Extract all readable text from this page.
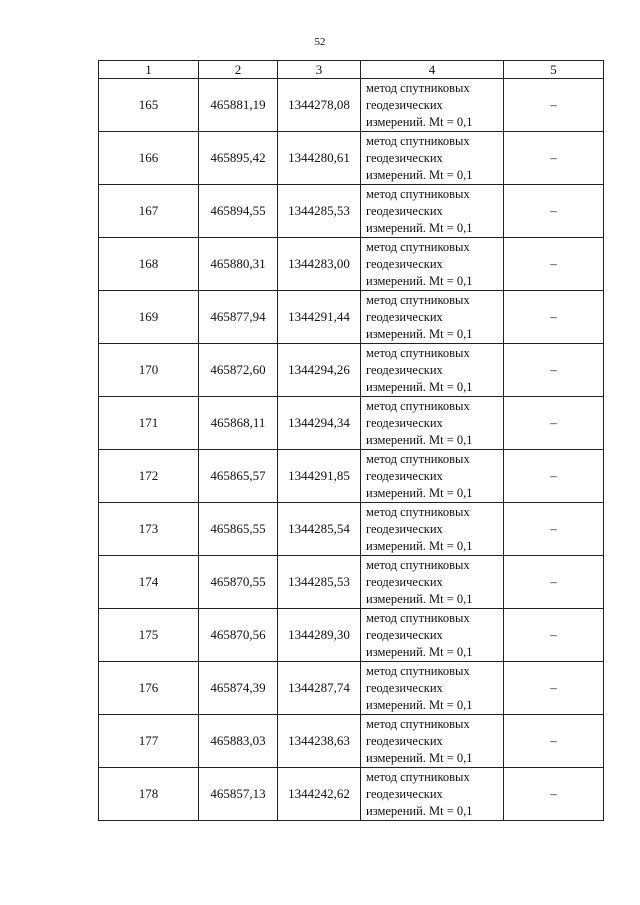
52
1	2	3	4	5
165	465881,19	1344278,08	метод спутниковых
геодезических
измерений. Mt = 0,1	–
166	465895,42	1344280,61	метод спутниковых
геодезических
измерений. Mt = 0,1	–
167	465894,55	1344285,53	метод спутниковых
геодезических
измерений. Mt = 0,1	–
168	465880,31	1344283,00	метод спутниковых
геодезических
измерений. Mt = 0,1	–
169	465877,94	1344291,44	метод спутниковых
геодезических
измерений. Mt = 0,1	–
170	465872,60	1344294,26	метод спутниковых
геодезических
измерений. Mt = 0,1	–
171	465868,11	1344294,34	метод спутниковых
геодезических
измерений. Mt = 0,1	–
172	465865,57	1344291,85	метод спутниковых
геодезических
измерений. Mt = 0,1	–
173	465865,55	1344285,54	метод спутниковых
геодезических
измерений. Mt = 0,1	–
174	465870,55	1344285,53	метод спутниковых
геодезических
измерений. Mt = 0,1	–
175	465870,56	1344289,30	метод спутниковых
геодезических
измерений. Mt = 0,1	–
176	465874,39	1344287,74	метод спутниковых
геодезических
измерений. Mt = 0,1	–
177	465883,03	1344238,63	метод спутниковых
геодезических
измерений. Mt = 0,1	–
178	465857,13	1344242,62	метод спутниковых
геодезических
измерений. Mt = 0,1	–
